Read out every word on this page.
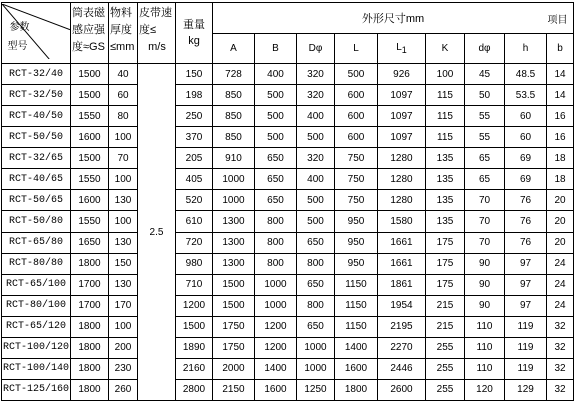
项目
参数
型号	筒表磁
感应强
度≈GS	物料
厚度
≤mm	皮带速
度≤
m/s	重量
kg	外形尺寸mm								
					A	B	Dφ	L	$L_1$	K	dφ	h	b
RCT-32/40	1500	40	2.5	150	728	400	320	500	926	100	45	48.5	14
RCT-32/50	1500	60		198	850	500	320	600	1097	115	50	53.5	14
RCT-40/50	1550	80		250	850	500	400	600	1097	115	55	60	16
RCT-50/50	1600	100		370	850	500	500	600	1097	115	55	60	16
RCT-32/65	1500	70		205	910	650	320	750	1280	135	65	69	18
RCT-40/65	1550	100		405	1000	650	400	750	1280	135	65	69	18
RCT-50/65	1600	130		520	1000	650	500	750	1280	135	70	76	20
RCT-50/80	1550	100		610	1300	800	500	950	1580	135	70	76	20
RCT-65/80	1650	130		720	1300	800	650	950	1661	175	70	76	20
RCT-80/80	1800	150		980	1300	800	800	950	1661	175	90	97	24
RCT-65/100	1700	130		710	1500	1000	650	1150	1861	175	90	97	24
RCT-80/100	1700	170		1200	1500	1000	800	1150	1954	215	90	97	24
RCT-65/120	1800	100		1500	1750	1200	650	1150	2195	215	110	119	32
RCT-100/120	1800	200		1890	1750	1200	1000	1400	2270	255	110	119	32
RCT-100/140	1800	230		2160	2000	1400	1000	1600	2446	255	110	119	32
RCT-125/160	1800	260		2800	2150	1600	1250	1800	2600	255	120	129	32
